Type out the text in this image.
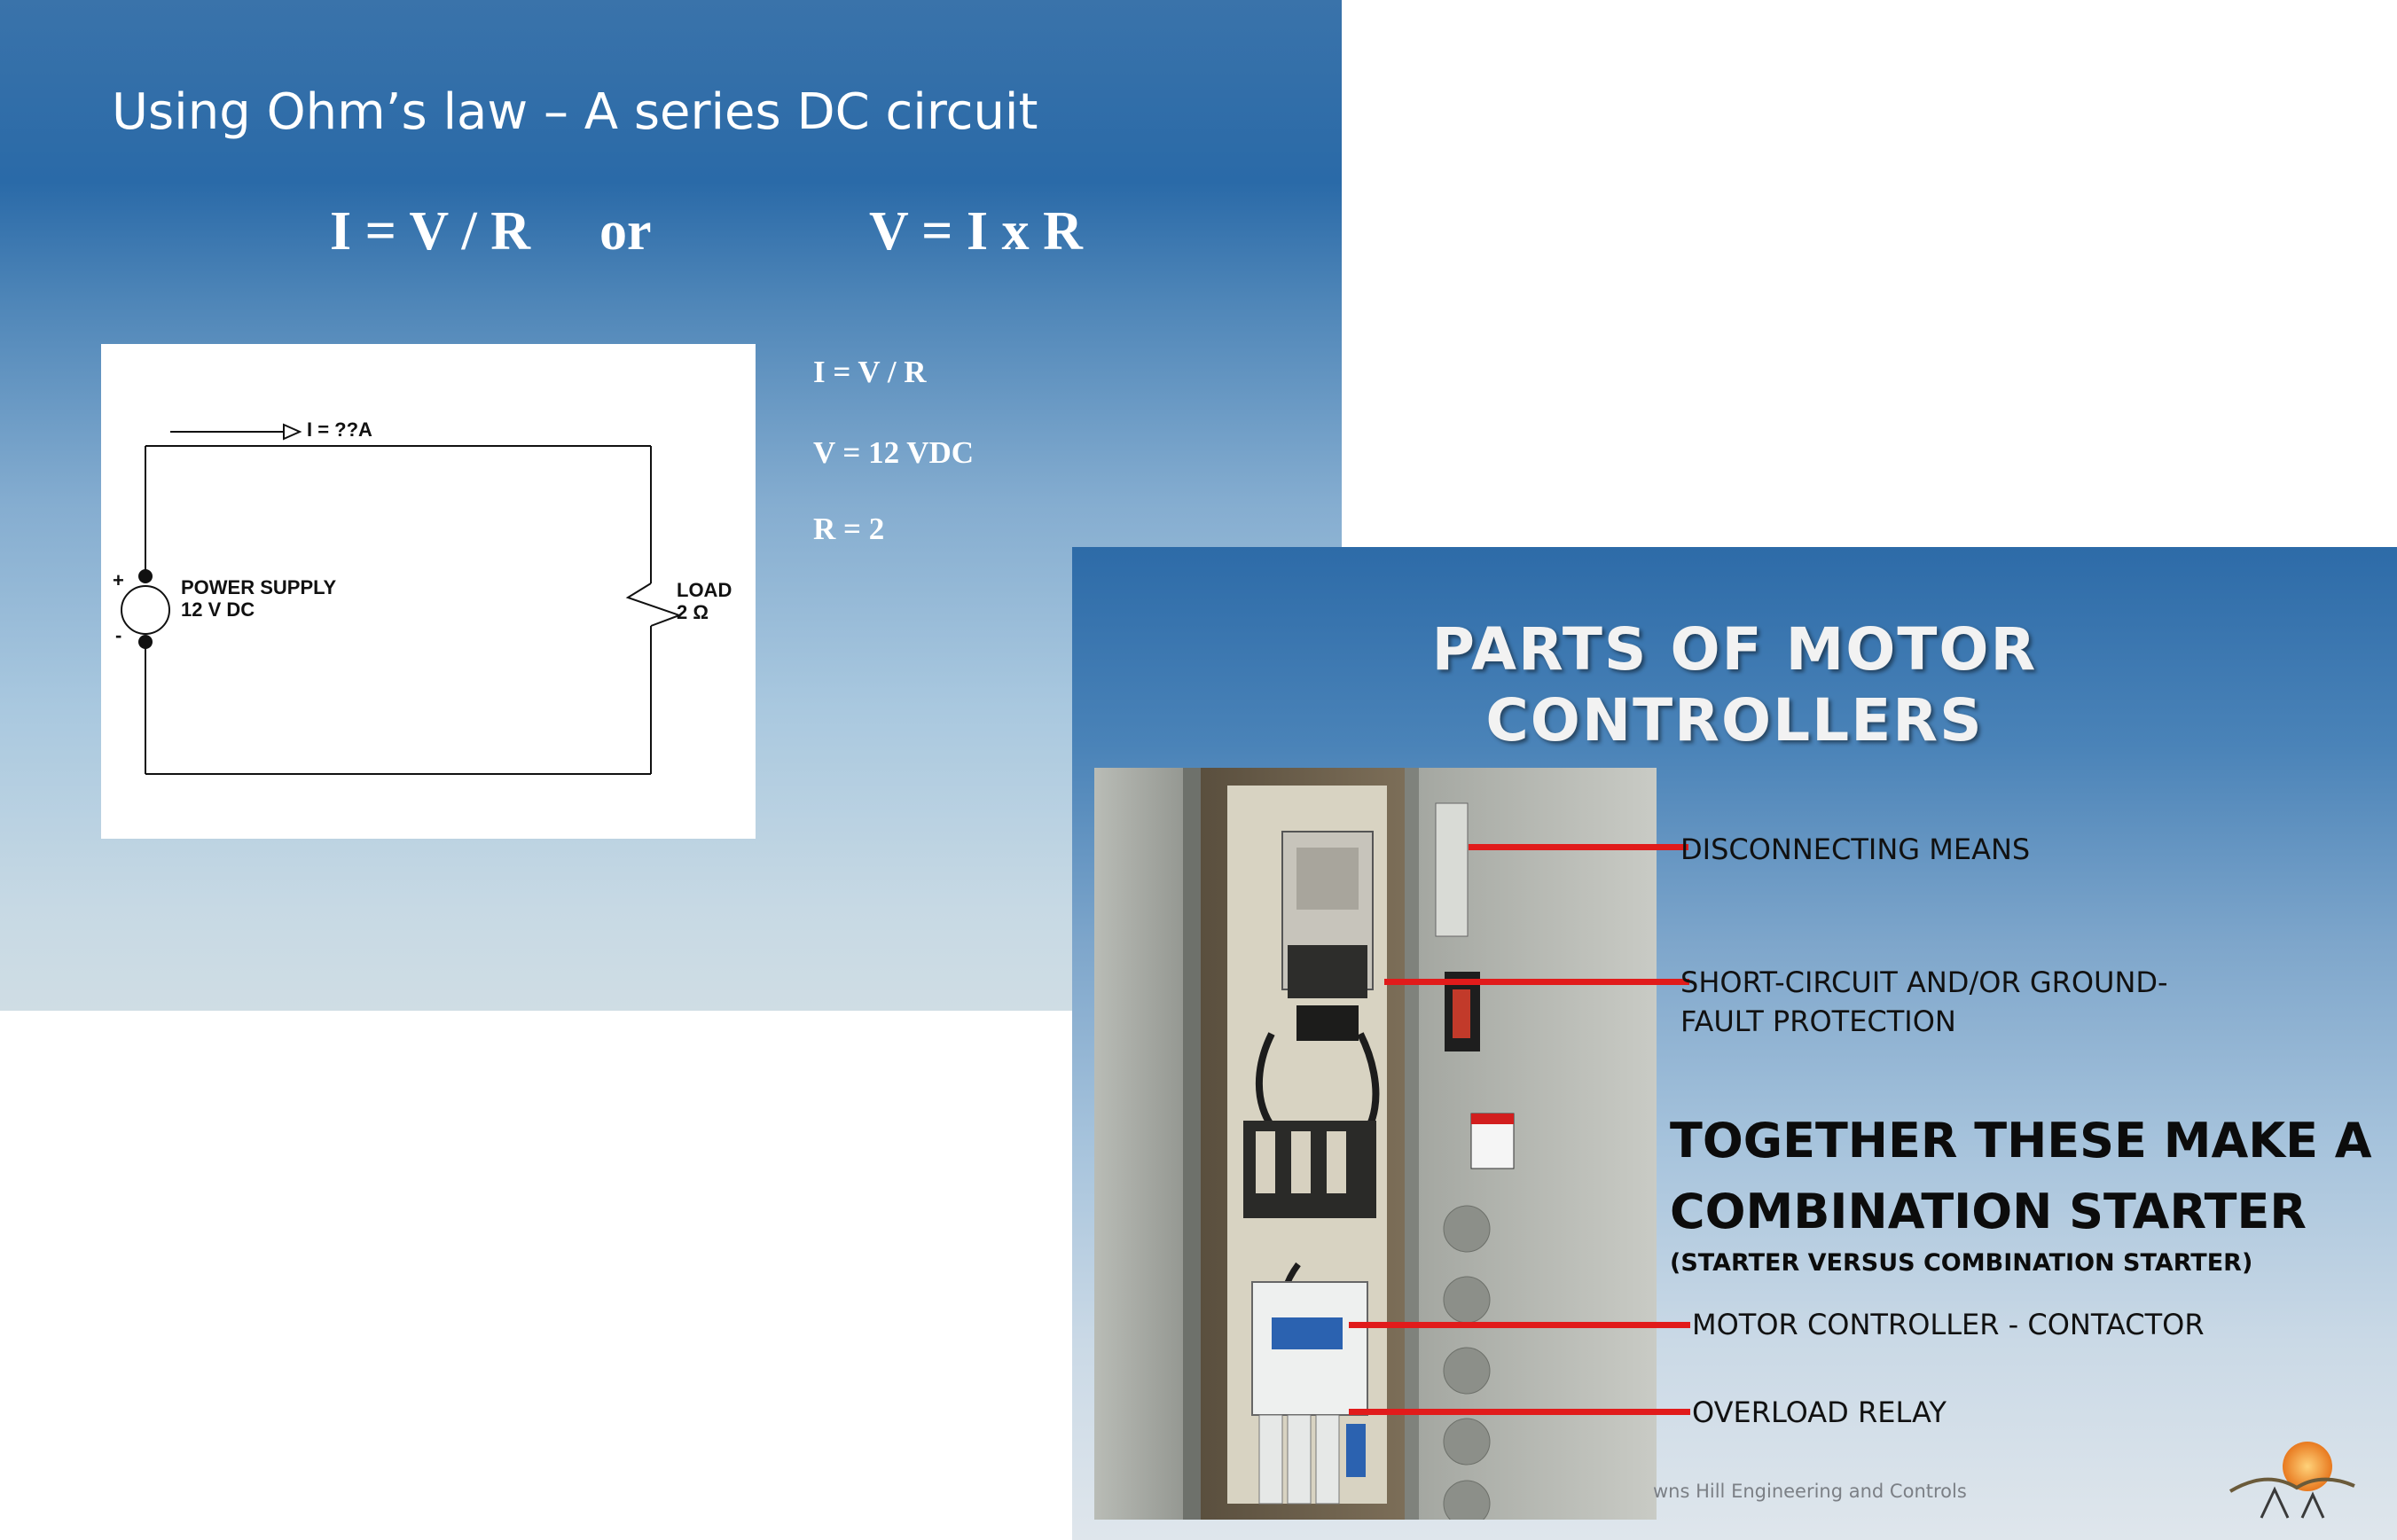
Using Ohm’s law – A series DC circuit
I = V / R or	V = I x R
I = V / R
V = 12 VDC
R = 2
I = ??A
POWER SUPPLY
12 V DC
+
-
LOAD
2 Ω
PARTS OF MOTOR
CONTROLLERS
DISCONNECTING MEANS
SHORT-CIRCUIT AND/OR GROUND-
FAULT PROTECTION
TOGETHER THESE MAKE A
COMBINATION STARTER
(STARTER VERSUS COMBINATION STARTER)
MOTOR CONTROLLER - CONTACTOR
OVERLOAD RELAY
wns Hill Engineering and Controls
